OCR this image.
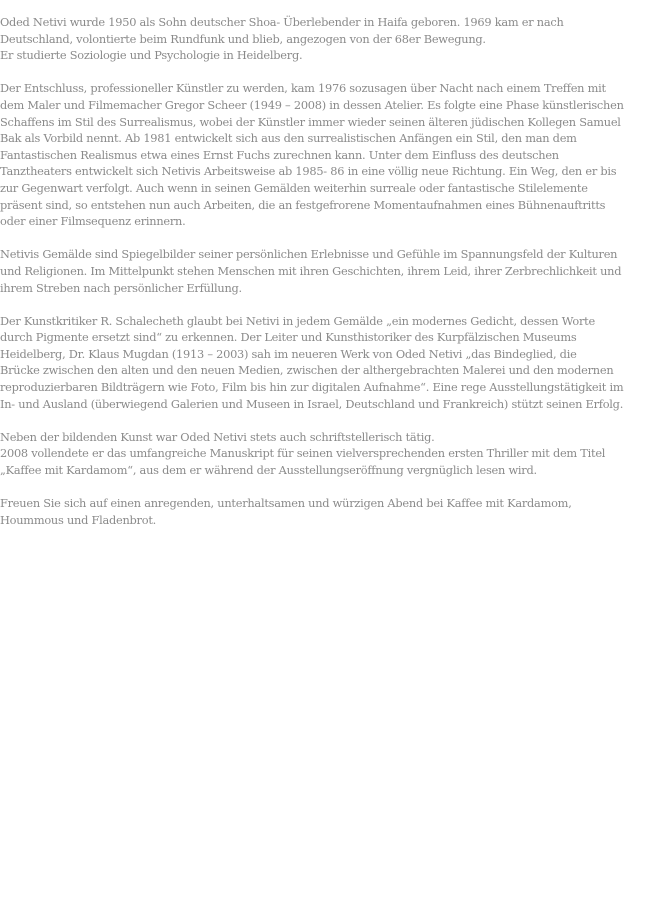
Oded Netivi wurde 1950 als Sohn deutscher Shoa- Überlebender in Haifa geboren. 1969 kam er nach
Deutschland, volontierte beim Rundfunk und blieb, angezogen von der 68er Bewegung.
Er studierte Soziologie und Psychologie in Heidelberg.

Der Entschluss, professioneller Künstler zu werden, kam 1976 sozusagen über Nacht nach einem Treffen mit
dem Maler und Filmemacher Gregor Scheer (1949 – 2008) in dessen Atelier. Es folgte eine Phase künstlerischen
Schaffens im Stil des Surrealismus, wobei der Künstler immer wieder seinen älteren jüdischen Kollegen Samuel
Bak als Vorbild nennt. Ab 1981 entwickelt sich aus den surrealistischen Anfängen ein Stil, den man dem
Fantastischen Realismus etwa eines Ernst Fuchs zurechnen kann. Unter dem Einfluss des deutschen
Tanztheaters entwickelt sich Netivis Arbeitsweise ab 1985- 86 in eine völlig neue Richtung. Ein Weg, den er bis
zur Gegenwart verfolgt. Auch wenn in seinen Gemälden weiterhin surreale oder fantastische Stilelemente
präsent sind, so entstehen nun auch Arbeiten, die an festgefrorene Momentaufnahmen eines Bühnenauftritts
oder einer Filmsequenz erinnern.

Netivis Gemälde sind Spiegelbilder seiner persönlichen Erlebnisse und Gefühle im Spannungsfeld der Kulturen
und Religionen. Im Mittelpunkt stehen Menschen mit ihren Geschichten, ihrem Leid, ihrer Zerbrechlichkeit und
ihrem Streben nach persönlicher Erfüllung.

Der Kunstkritiker R. Schalecheth glaubt bei Netivi in jedem Gemälde „ein modernes Gedicht, dessen Worte
durch Pigmente ersetzt sind“ zu erkennen. Der Leiter und Kunsthistoriker des Kurpfälzischen Museums
Heidelberg, Dr. Klaus Mugdan (1913 – 2003) sah im neueren Werk von Oded Netivi „das Bindeglied, die
Brücke zwischen den alten und den neuen Medien, zwischen der althergebrachten Malerei und den modernen
reproduzierbaren Bildträgern wie Foto, Film bis hin zur digitalen Aufnahme“. Eine rege Ausstellungstätigkeit im
In- und Ausland (überwiegend Galerien und Museen in Israel, Deutschland und Frankreich) stützt seinen Erfolg.

Neben der bildenden Kunst war Oded Netivi stets auch schriftstellerisch tätig.
2008 vollendete er das umfangreiche Manuskript für seinen vielversprechenden ersten Thriller mit dem Titel
„Kaffee mit Kardamom“, aus dem er während der Ausstellungseröffnung vergnüglich lesen wird.

Freuen Sie sich auf einen anregenden, unterhaltsamen und würzigen Abend bei Kaffee mit Kardamom,
Hoummous und Fladenbrot.
